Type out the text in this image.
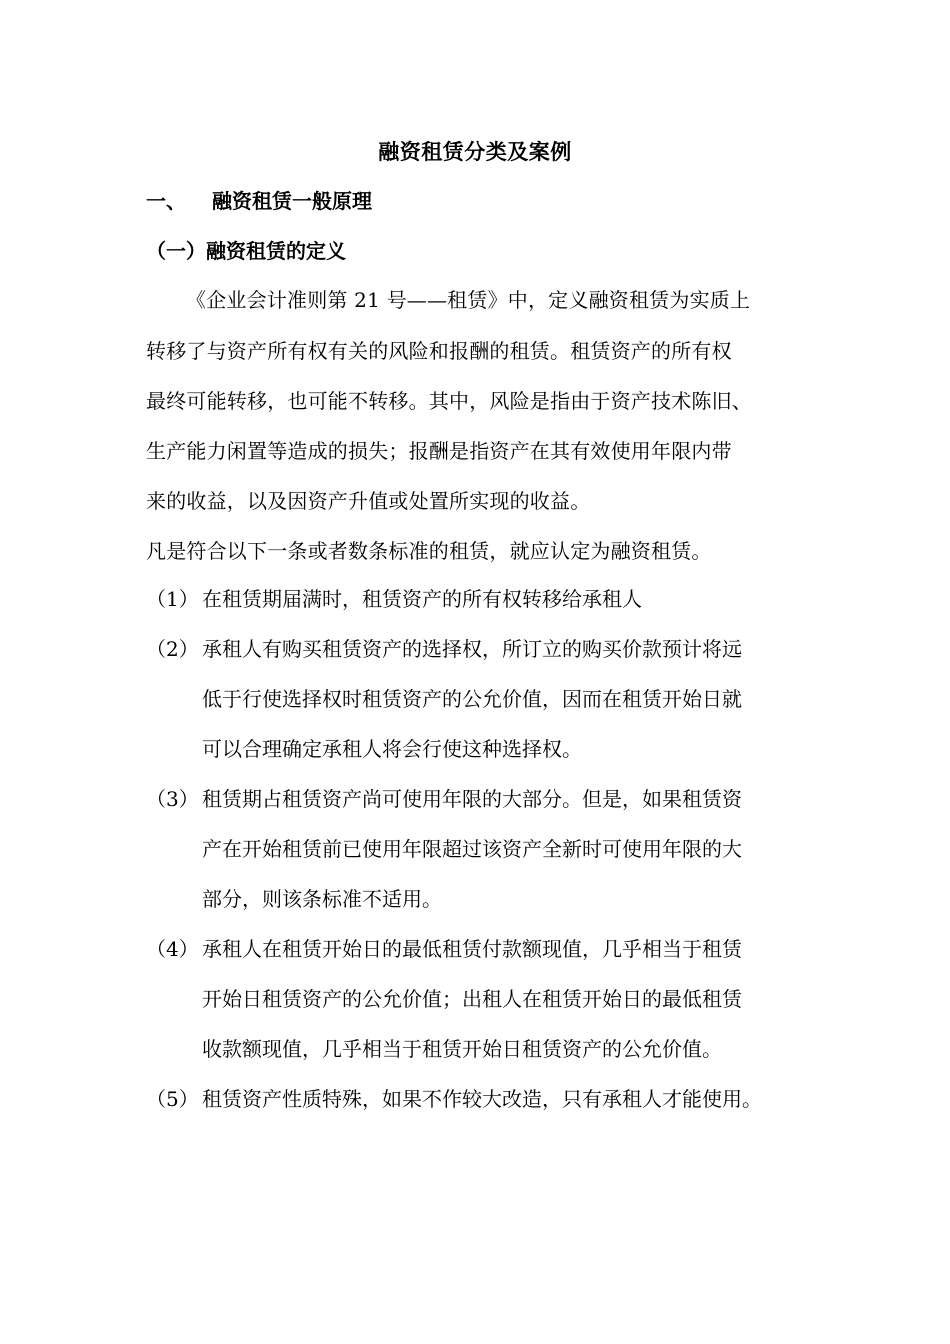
融资租赁分类及案例
一、 融资租赁一般原理
（一）融资租赁的定义
《企业会计准则第 21 号——租赁》中，定义融资租赁为实质上
转移了与资产所有权有关的风险和报酬的租赁。租赁资产的所有权
最终可能转移，也可能不转移。其中，风险是指由于资产技术陈旧、
生产能力闲置等造成的损失；报酬是指资产在其有效使用年限内带
来的收益，以及因资产升值或处置所实现的收益。
凡是符合以下一条或者数条标准的租赁，就应认定为融资租赁。
（1） 在租赁期届满时，租赁资产的所有权转移给承租人
（2） 承租人有购买租赁资产的选择权，所订立的购买价款预计将远
低于行使选择权时租赁资产的公允价值，因而在租赁开始日就
可以合理确定承租人将会行使这种选择权。
（3） 租赁期占租赁资产尚可使用年限的大部分。但是，如果租赁资
产在开始租赁前已使用年限超过该资产全新时可使用年限的大
部分，则该条标准不适用。
（4） 承租人在租赁开始日的最低租赁付款额现值，几乎相当于租赁
开始日租赁资产的公允价值；出租人在租赁开始日的最低租赁
收款额现值，几乎相当于租赁开始日租赁资产的公允价值。
（5） 租赁资产性质特殊，如果不作较大改造，只有承租人才能使用。
